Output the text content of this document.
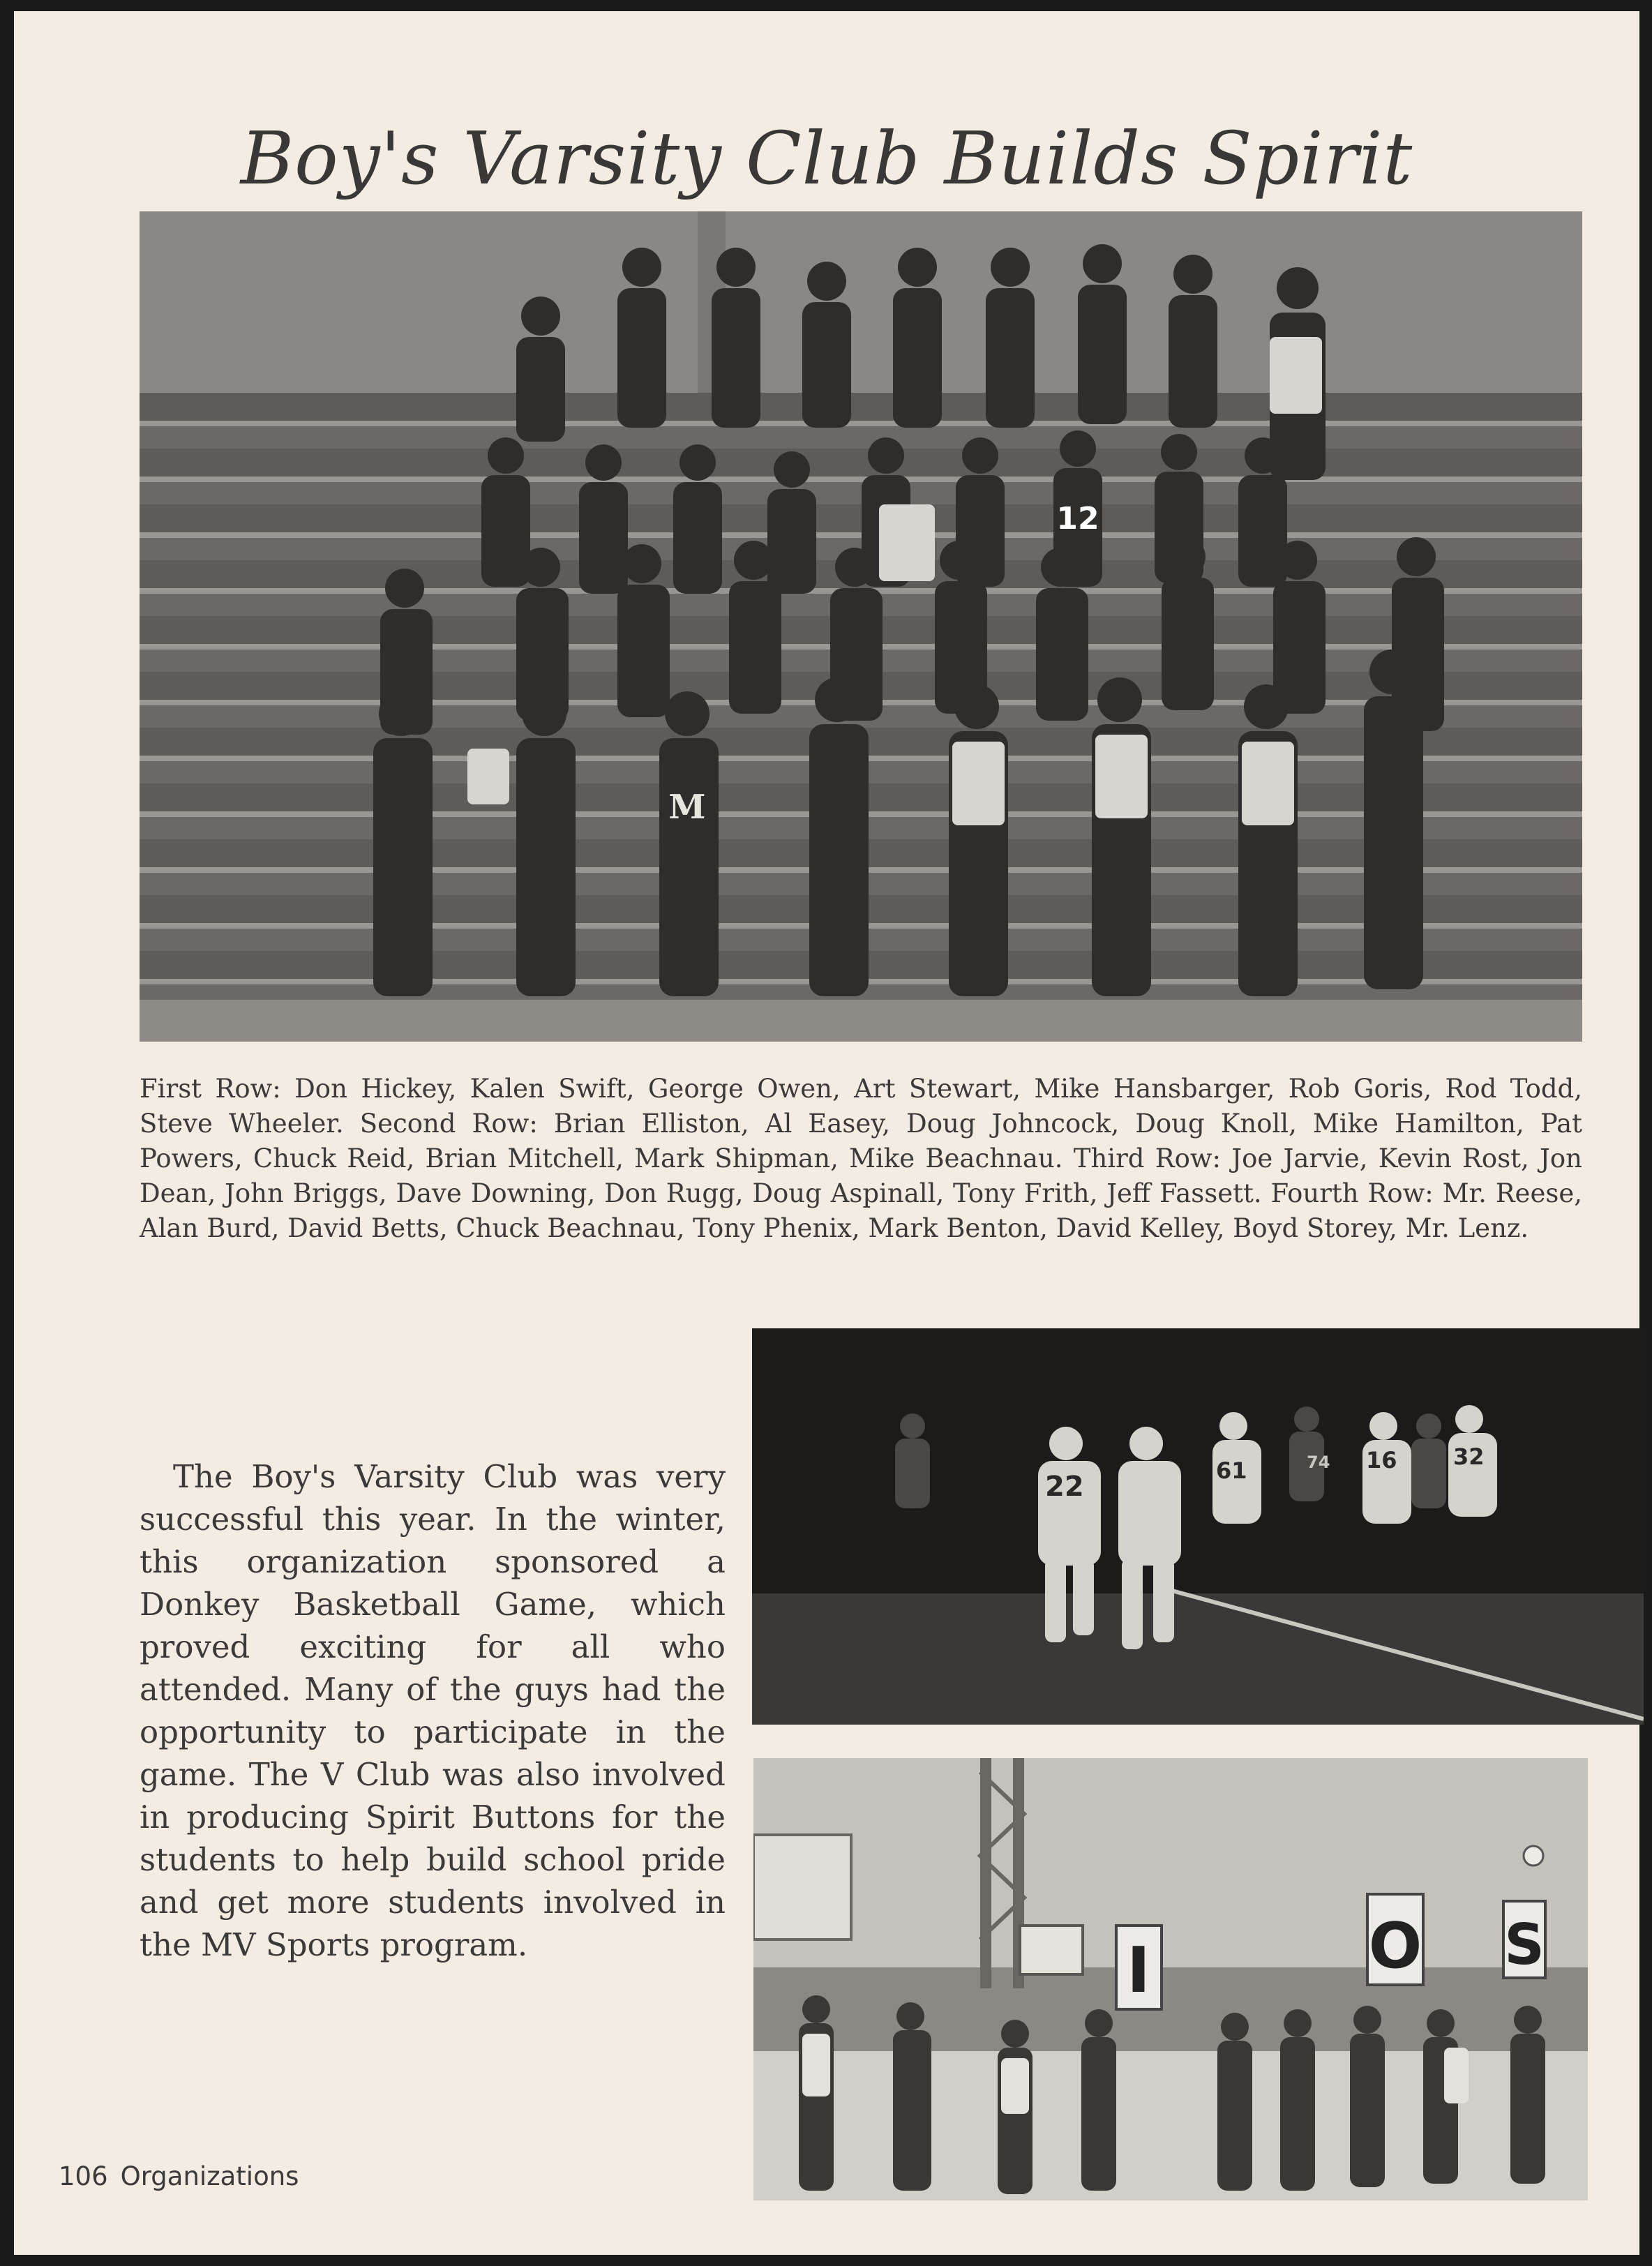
Boy's Varsity Club Builds Spirit
12
M
First Row: Don Hickey, Kalen Swift, George Owen, Art Stewart, Mike Hansbarger, Rob Goris, Rod Todd, Steve Wheeler. Second Row: Brian Elliston, Al Easey, Doug Johncock, Doug Knoll, Mike Hamilton, Pat Powers, Chuck Reid, Brian Mitchell, Mark Shipman, Mike Beachnau. Third Row: Joe Jarvie, Kevin Rost, Jon Dean, John Briggs, Dave Downing, Don Rugg, Doug Aspinall, Tony Frith, Jeff Fassett. Fourth Row: Mr. Reese, Alan Burd, David Betts, Chuck Beachnau, Tony Phenix, Mark Benton, David Kelley, Boyd Storey, Mr. Lenz.
22	61	74 16	32
I	O S
The Boy's Varsity Club was very successful this year. In the winter, this organization sponsored a Donkey Basketball Game, which proved exciting for all who attended. Many of the guys had the opportunity to participate in the game. The V Club was also involved in producing Spirit Buttons for the students to help build school pride and get more students involved in the MV Sports program.
106 Organizations
